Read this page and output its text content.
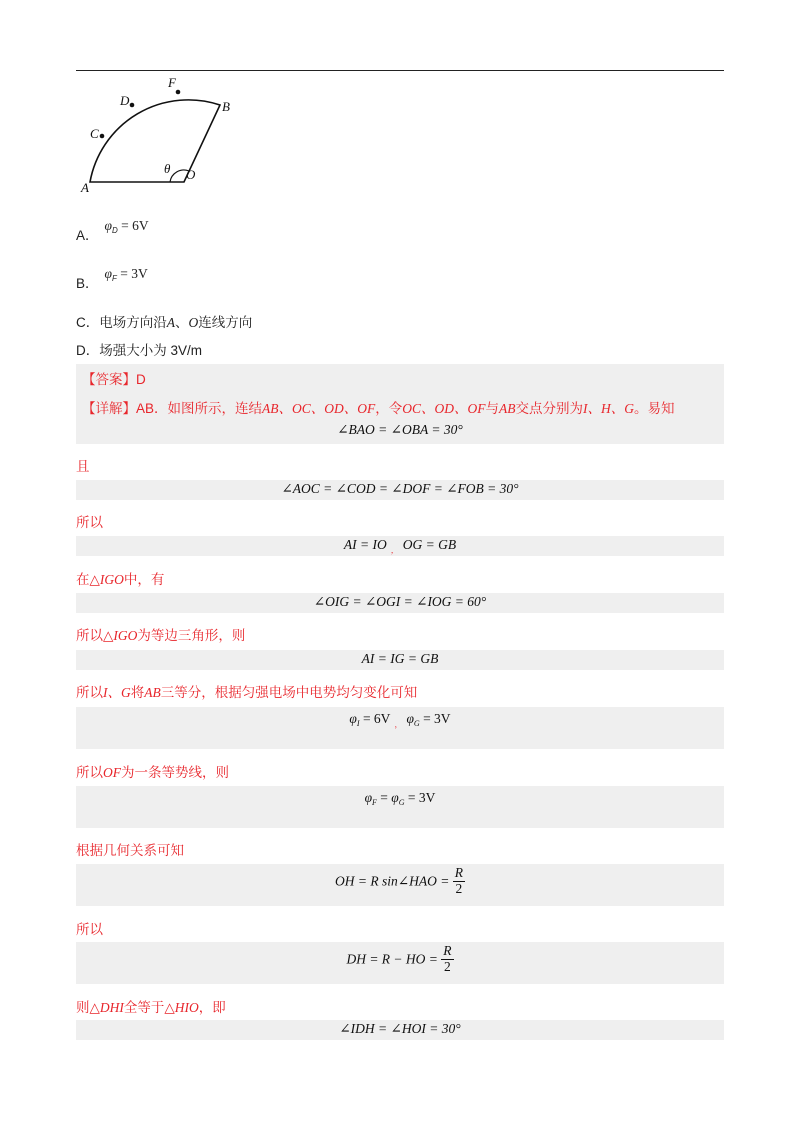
F
D	B
C
θ O
A
A．$\varphi_D = 6V$
B．$\varphi_F = 3V$
C．电场方向沿A、O连线方向
D．场强大小为 3V/m
【答案】D
【详解】AB．如图所示，连结AB、OC、OD、OF，令OC、OD、OF与AB交点分别为I、H、G。易知
∠BAO = ∠OBA = 30°
且
∠AOC = ∠COD = ∠DOF = ∠FOB = 30°
所以
AI = IO $_,$ OG = GB
在△IGO中，有
∠OIG = ∠OGI = ∠IOG = 60°
所以△IGO为等边三角形，则
AI = IG = GB
所以I、G将AB三等分，根据匀强电场中电势均匀变化可知
$\varphi_I = 6V$ $_,$ $\varphi_G = 3V$
所以OF为一条等势线，则
$\varphi_F = \varphi_G = 3V$
根据几何关系可知
OH = R sin∠HAO = $\frac{R}{2}$
所以
DH = R − HO = $\frac{R}{2}$
则△DHI全等于△HIO，即
∠IDH = ∠HOI = 30°
